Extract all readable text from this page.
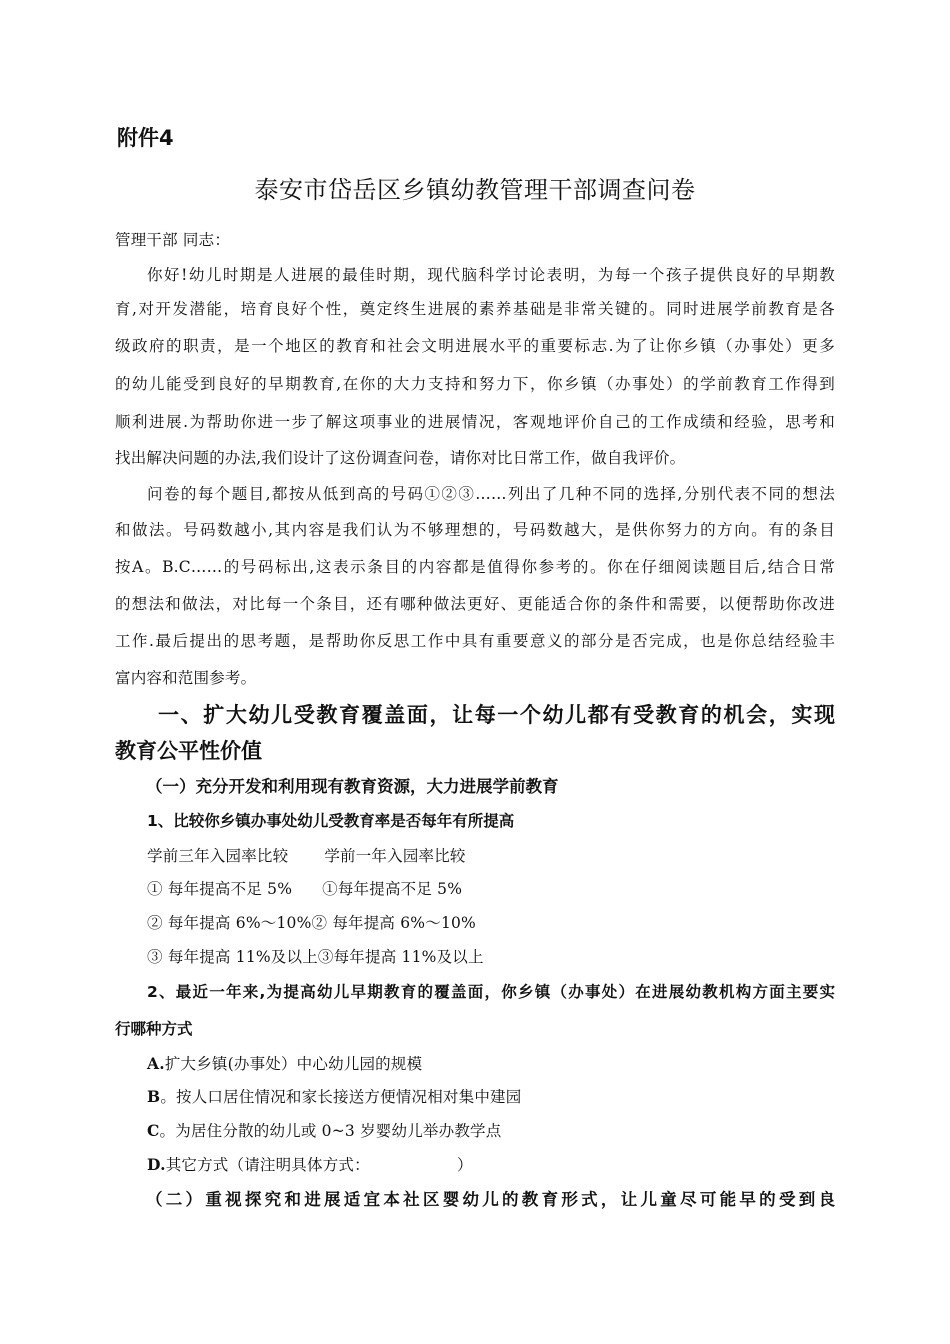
附件4
泰安市岱岳区乡镇幼教管理干部调查问卷
管理干部 同志：
你好!幼儿时期是人进展的最佳时期，现代脑科学讨论表明，为每一个孩子提供良好的早期教
育,对开发潜能，培育良好个性，奠定终生进展的素养基础是非常关键的。同时进展学前教育是各
级政府的职责，是一个地区的教育和社会文明进展水平的重要标志.为了让你乡镇（办事处）更多
的幼儿能受到良好的早期教育,在你的大力支持和努力下，你乡镇（办事处）的学前教育工作得到
顺利进展.为帮助你进一步了解这项事业的进展情况，客观地评价自己的工作成绩和经验，思考和
找出解决问题的办法,我们设计了这份调查问卷，请你对比日常工作，做自我评价。
问卷的每个题目,都按从低到高的号码①②③……列出了几种不同的选择,分别代表不同的想法
和做法。号码数越小,其内容是我们认为不够理想的，号码数越大，是供你努力的方向。有的条目
按A。B.C……的号码标出,这表示条目的内容都是值得你参考的。你在仔细阅读题目后,结合日常
的想法和做法，对比每一个条目，还有哪种做法更好、更能适合你的条件和需要，以便帮助你改进
工作.最后提出的思考题，是帮助你反思工作中具有重要意义的部分是否完成，也是你总结经验丰
富内容和范围参考。
一、扩大幼儿受教育覆盖面，让每一个幼儿都有受教育的机会，实现
教育公平性价值
（一）充分开发和利用现有教育资源，大力进展学前教育
1、比较你乡镇办事处幼儿受教育率是否每年有所提高
学前三年入园率比较 学前一年入园率比较
① 每年提高不足 5% ①每年提高不足 5%
② 每年提高 6%～10%② 每年提高 6%～10%
③ 每年提高 11%及以上③每年提高 11%及以上
2、最近一年来,为提高幼儿早期教育的覆盖面，你乡镇（办事处）在进展幼教机构方面主要实
行哪种方式
A.扩大乡镇(办事处）中心幼儿园的规模
B。按人口居住情况和家长接送方便情况相对集中建园
C。为居住分散的幼儿或 0~3 岁婴幼儿举办教学点
D.其它方式（请注明具体方式：                 ）
（二）重视探究和进展适宜本社区婴幼儿的教育形式，让儿童尽可能早的受到良
